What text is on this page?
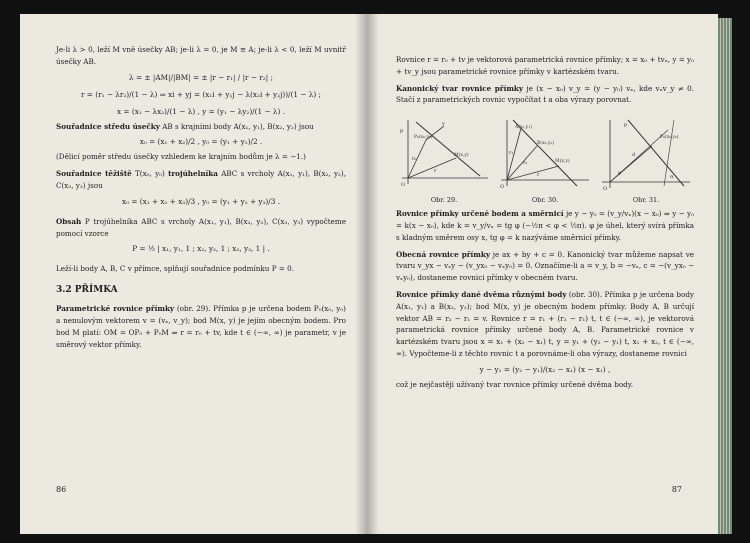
Je-li λ > 0, leží M vně úsečky AB; je-li λ = 0, je M ≡ A; je-li λ < 0, leží M uvnitř úsečky AB.

λ = ± |AM|/|BM| = ± |r − r₁| / |r − r₂| ;
r = (r₁ − λr₂)/(1 − λ) ⇒ xi + yj = (x₁i + y₁j − λ(x₂i + y₂j))/(1 − λ) ;
x = (x₁ − λx₂)/(1 − λ) , y = (y₁ − λy₂)/(1 − λ) .

Souřadnice středu úsečky AB s krajními body A(x₁, y₁), B(x₂, y₂) jsou

x₀ = (x₁ + x₂)/2 , y₀ = (y₁ + y₂)/2 .

(Dělicí poměr středu úsečky vzhledem ke krajním bodům je λ = −1.)

Souřadnice těžiště T(x₀, y₀) trojúhelníka ABC s vrcholy A(x₁, y₁), B(x₂, y₂), C(x₃, y₃) jsou

x₀ = (x₁ + x₂ + x₃)/3 , y₀ = (y₁ + y₂ + y₃)/3 .

Obsah P trojúhelníka ABC s vrcholy A(x₁, y₁), B(x₂, y₂), C(x₃, y₃) vypočteme pomocí vzorce

P = ½ | x₁, y₁, 1 ; x₂, y₂, 1 ; x₃, y₃, 1 | .

Leží-li body A, B, C v přímce, splňují souřadnice podmínku P = 0.

3.2 PŘÍMKA

Parametrické rovnice přímky (obr. 29). Přímka p je určena bodem P₀(x₀, y₀) a nenulovým vektorem v = (vₓ, v_y); bod M(x, y) je jejím obecným bodem. Pro bod M platí: OM = OP₀ + P₀M ⇒ r = r₀ + tv, kde t ∈ (−∞, ∞) je parametr, v je směrový vektor přímky.

86

Rovnice r = r₀ + tv je vektorová parametrická rovnice přímky; x = x₀ + tvₓ, y = y₀ + tv_y jsou parametrické rovnice přímky v kartézském tvaru.

Kanonický tvar rovnice přímky je (x − x₀) v_y = (y − y₀) vₓ, kde vₓv_y ≠ 0. Stačí z parametrických rovnic vypočítat t a oba výrazy porovnat.

p
P₀(x₀,y₀)
M(x,y)
v
r
r₀
O
Obr. 29.
A(x₁,y₁)
B(x₂,y₂)
M(x,y)
r₁
r₂
r
O
Obr. 30.
p
P₀(x₀,y₀)
d
φ
α
O
Obr. 31.

Rovnice přímky určené bodem a směrnicí je y − y₀ = (v_y/vₓ)(x − x₀) ⇒ y − y₀ = k(x − x₀), kde k = v_y/vₓ = tg φ (−½π < φ < ½π). φ je úhel, který svírá přímka s kladným směrem osy x, tg φ = k nazýváme směrnicí přímky.

Obecná rovnice přímky je ax + by + c = 0. Kanonický tvar můžeme napsat ve tvaru v_yx − vₓy − (v_yx₀ − vₓy₀) = 0. Označíme-li a = v_y, b = −vₓ, c = −(v_yx₀ − vₓy₀), dostaneme rovnici přímky v obecném tvaru.

Rovnice přímky dané dvěma různými body (obr. 30). Přímka p je určena body A(x₁, y₁) a B(x₂, y₂); bod M(x, y) je obecným bodem přímky. Body A, B určují vektor AB = r₂ − r₁ = v. Rovnice r = r₁ + (r₂ − r₁) t, t ∈ (−∞, ∞), je vektorová parametrická rovnice přímky určené body A, B. Parametrické rovnice v kartézském tvaru jsou x = x₁ + (x₂ − x₁) t, y = y₁ + (y₂ − y₁) t, x₁ + x₂, t ∈ (−∞, ∞). Vypočteme-li z těchto rovnic t a porovnáme-li oba výrazy, dostaneme rovnici

y − y₁ = (y₂ − y₁)/(x₂ − x₁) (x − x₁) ,

což je nejčastěji užívaný tvar rovnice přímky určené dvěma body.

87
